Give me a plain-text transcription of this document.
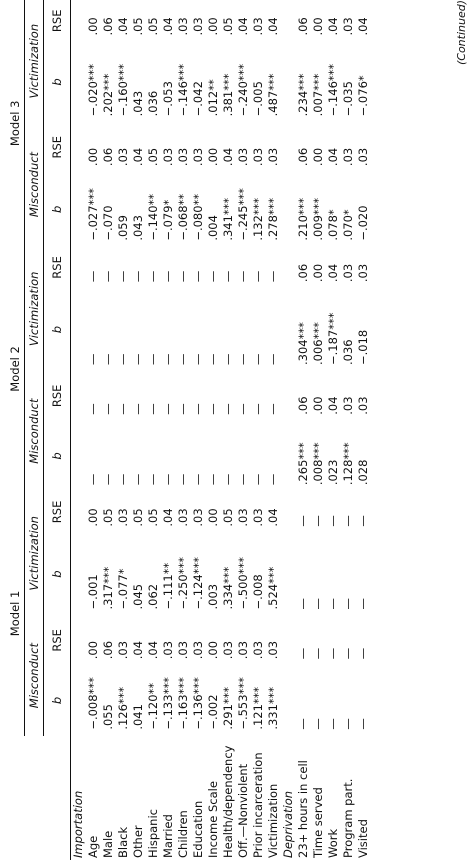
	Model 1				Model 2				Model 3			
	Misconduct		Victimization		Misconduct		Victimization		Misconduct		Victimization	
	b	RSE	b	RSE	b	RSE	b	RSE	b	RSE	b	RSE
Importation												
Age	−.008***	.00	−.001	.00	—	—	—	—	−.027***	.00	−.020***	.00
Male	.055	.06	.317***	.05	—	—	—	—	−.070	.06	.202***	.06
Black	.126***	.03	−.077*	.03	—	—	—	—	.059	.03	−.160***	.04
Other	.041	.04	.045	.05	—	—	—	—	.043	.04	.043	.05
Hispanic	−.120**	.04	.062	.05	—	—	—	—	−.140**	.05	.036	.05
Married	−.133***	.03	−.111**	.04	—	—	—	—	−.079*	.03	−.053	.04
Children	−.163***	.03	−.250***	.03	—	—	—	—	−.068**	.03	−.146***	.03
Education	−.136***	.03	−.124***	.03	—	—	—	—	−.080**	.03	−.042	.03
Income Scale	−.002	.00	.003	.00	—	—	—	—	.004	.00	.012**	.00
Health/dependency	.291***	.03	.334***	.05	—	—	—	—	.341***	.04	.381***	.05
Off.—Nonviolent	−.553***	.03	−.500***	.03	—	—	—	—	−.245***	.03	−.240***	.04
Prior incarceration	.121***	.03	−.008	.03	—	—	—	—	.132***	.03	−.005	.03
Victimization	.331***	.03	.524***	.04	—	—	—	—	.278***	.03	.487***	.04
Deprivation												
23+ hours in cell	—	—	—	—	.265***	.06	.304***	.06	.210***	.06	.234***	.06
Time served	—	—	—	—	.008***	.00	.006***	.00	.009***	.00	.007***	.00
Work	—	—	—	—	.023	.04	−.187***	.04	.078*	.04	−.146***	.04
Program part.	—	—	—	—	.128***	.03	.036	.03	.070*	.03	−.035	.03
Visited	—	—	—	—	.028	.03	−.018	.03	−.020	.03	−.076*	.04	(Continued)
